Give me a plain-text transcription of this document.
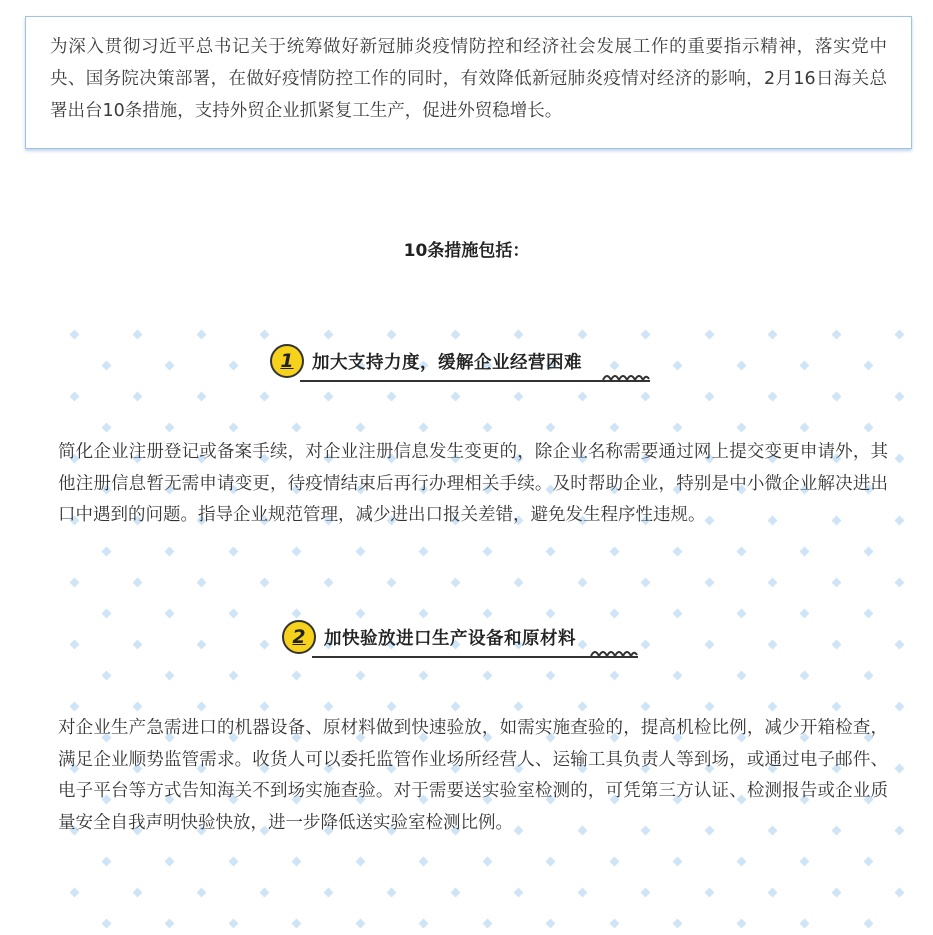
为深入贯彻习近平总书记关于统筹做好新冠肺炎疫情防控和经济社会发展工作的重要指示精神，落实党中央、国务院决策部署，在做好疫情防控工作的同时，有效降低新冠肺炎疫情对经济的影响，2月16日海关总署出台10条措施，支持外贸企业抓紧复工生产，促进外贸稳增长。

10条措施包括：
1	加大支持力度，缓解企业经营困难

简化企业注册登记或备案手续，对企业注册信息发生变更的，除企业名称需要通过网上提交变更申请外，其他注册信息暂无需申请变更，待疫情结束后再行办理相关手续。及时帮助企业，特别是中小微企业解决进出口中遇到的问题。指导企业规范管理，减少进出口报关差错，避免发生程序性违规。

2	加快验放进口生产设备和原材料

对企业生产急需进口的机器设备、原材料做到快速验放，如需实施查验的，提高机检比例，减少开箱检查，满足企业顺势监管需求。收货人可以委托监管作业场所经营人、运输工具负责人等到场，或通过电子邮件、电子平台等方式告知海关不到场实施查验。对于需要送实验室检测的，可凭第三方认证、检测报告或企业质量安全自我声明快验快放，进一步降低送实验室检测比例。
